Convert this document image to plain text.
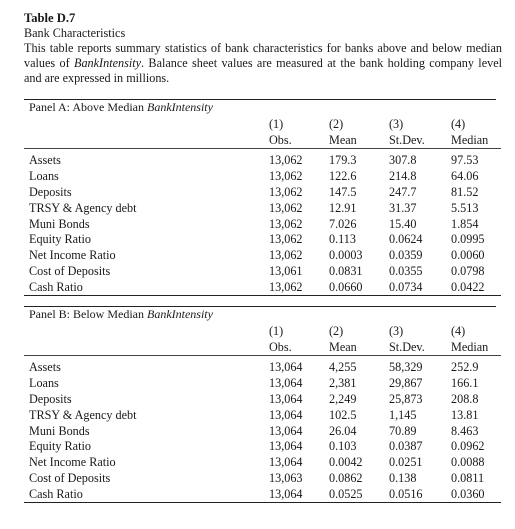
Table D.7
Bank Characteristics
This table reports summary statistics of bank characteristics for banks above and below median values of BankIntensity. Balance sheet values are measured at the bank holding company level and are expressed in millions.
Panel A: Above Median BankIntensity
	(1)	(2)	(3)	(4)
	Obs.	Mean	St.Dev.	Median
Assets	13,062	179.3	307.8	97.53
Loans	13,062	122.6	214.8	64.06
Deposits	13,062	147.5	247.7	81.52
TRSY & Agency debt	13,062	12.91	31.37	5.513
Muni Bonds	13,062	7.026	15.40	1.854
Equity Ratio	13,062	0.113	0.0624	0.0995
Net Income Ratio	13,062	0.0003	0.0359	0.0060
Cost of Deposits	13,061	0.0831	0.0355	0.0798
Cash Ratio	13,062	0.0660	0.0734	0.0422
Panel B: Below Median BankIntensity
	(1)	(2)	(3)	(4)
	Obs.	Mean	St.Dev.	Median
Assets	13,064	4,255	58,329	252.9
Loans	13,064	2,381	29,867	166.1
Deposits	13,064	2,249	25,873	208.8
TRSY & Agency debt	13,064	102.5	1,145	13.81
Muni Bonds	13,064	26.04	70.89	8.463
Equity Ratio	13,064	0.103	0.0387	0.0962
Net Income Ratio	13,064	0.0042	0.0251	0.0088
Cost of Deposits	13,063	0.0862	0.138	0.0811
Cash Ratio	13,064	0.0525	0.0516	0.0360
